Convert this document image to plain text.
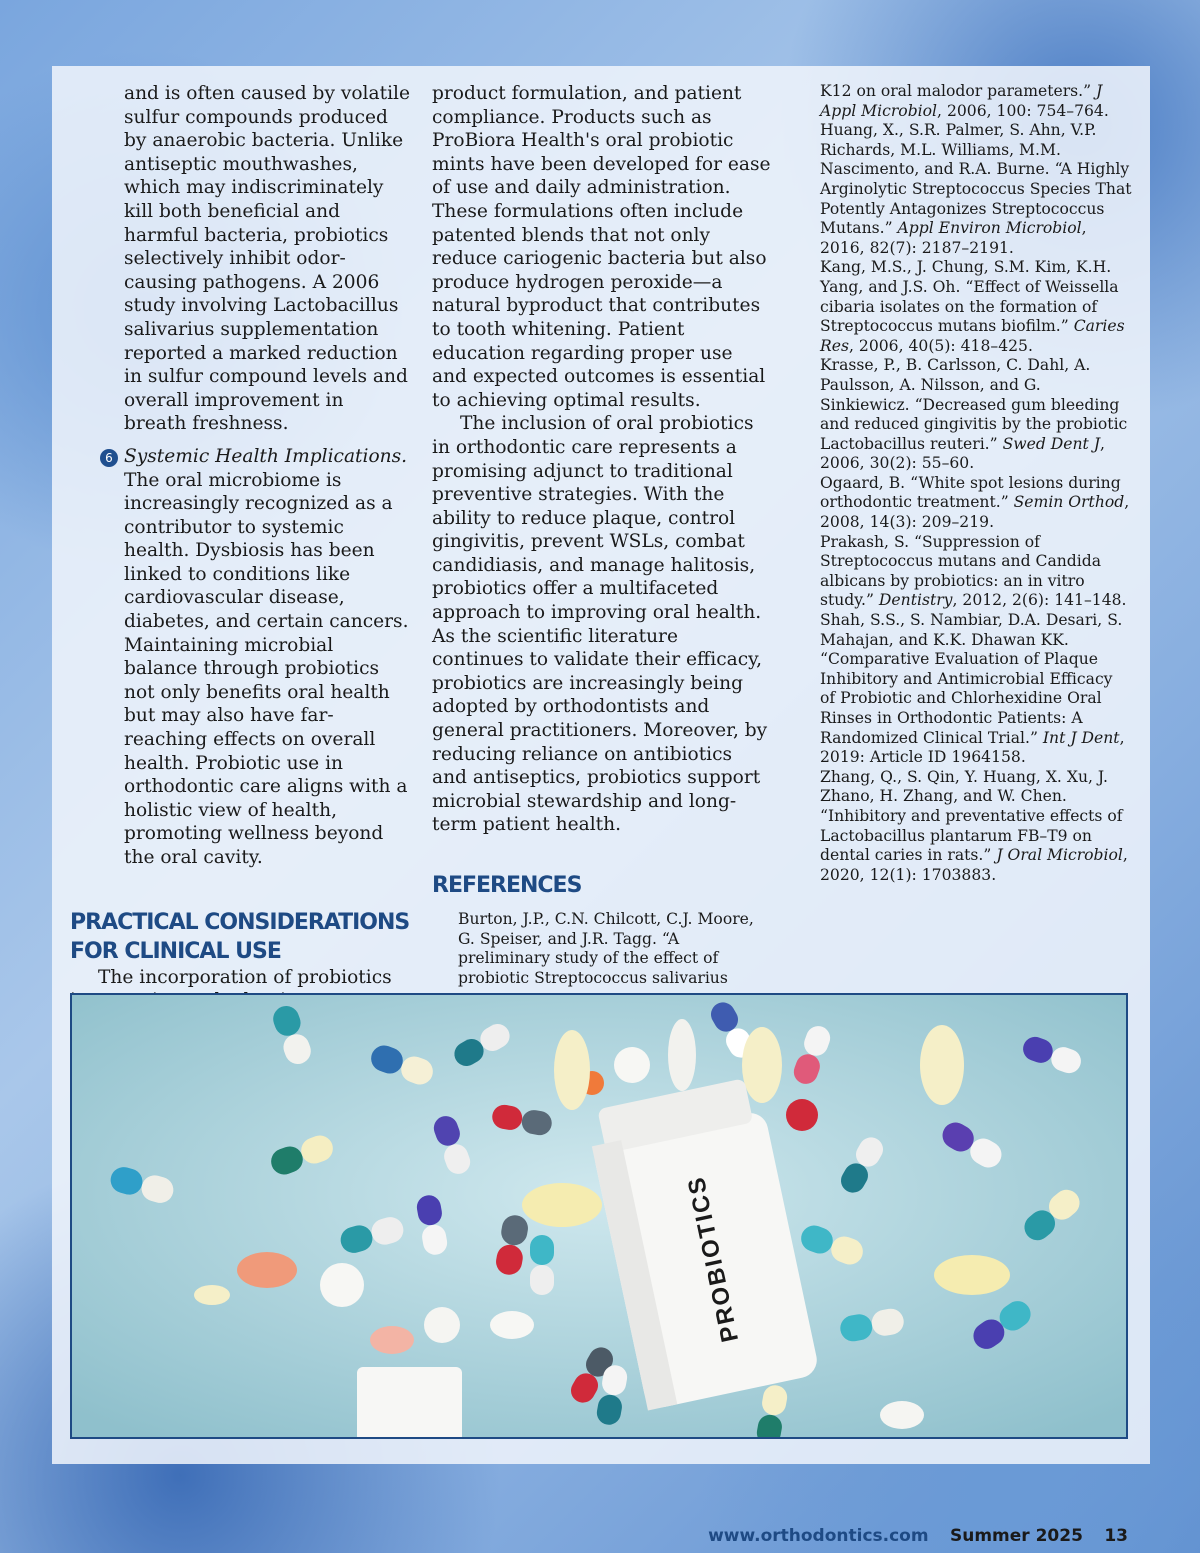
and is often caused by volatile sulfur compounds produced by anaerobic bacteria. Unlike antiseptic mouthwashes, which may indiscriminately kill both beneficial and harmful bacteria, probiotics selectively inhibit odor-causing pathogens. A 2006 study involving Lactobacillus salivarius supplementation reported a marked reduction in sulfur compound levels and overall improvement in breath freshness.

6 Systemic Health Implications. The oral microbiome is increasingly recognized as a contributor to systemic health. Dysbiosis has been linked to conditions like cardiovascular disease, diabetes, and certain cancers. Maintaining microbial balance through probiotics not only benefits oral health but may also have far-reaching effects on overall health. Probiotic use in orthodontic care aligns with a holistic view of health, promoting wellness beyond the oral cavity.

PRACTICAL CONSIDERATIONS

FOR CLINICAL USE

The incorporation of probiotics

product formulation, and patient compliance. Products such as ProBiora Health's oral probiotic mints have been developed for ease of use and daily administration. These formulations often include patented blends that not only reduce cariogenic bacteria but also produce hydrogen peroxide—a natural byproduct that contributes to tooth whitening. Patient education regarding proper use and expected outcomes is essential to achieving optimal results.

The inclusion of oral probiotics in orthodontic care represents a promising adjunct to traditional preventive strategies. With the ability to reduce plaque, control gingivitis, prevent WSLs, combat candidiasis, and manage halitosis, probiotics offer a multifaceted approach to improving oral health. As the scientific literature continues to validate their efficacy, probiotics are increasingly being adopted by orthodontists and general practitioners. Moreover, by reducing reliance on antibiotics and antiseptics, probiotics support microbial stewardship and long-term patient health.

REFERENCES

Burton, J.P., C.N. Chilcott, C.J. Moore, G. Speiser, and J.R. Tagg. “A preliminary study of the effect of probiotic Streptococcus salivarius

K12 on oral malodor parameters.” J Appl Microbiol, 2006, 100: 754–764.

Huang, X., S.R. Palmer, S. Ahn, V.P. Richards, M.L. Williams, M.M. Nascimento, and R.A. Burne. “A Highly Arginolytic Streptococcus Species That Potently Antagonizes Streptococcus Mutans.” Appl Environ Microbiol, 2016, 82(7): 2187–2191.

Kang, M.S., J. Chung, S.M. Kim, K.H. Yang, and J.S. Oh. “Effect of Weissella cibaria isolates on the formation of Streptococcus mutans biofilm.” Caries Res, 2006, 40(5): 418–425.

Krasse, P., B. Carlsson, C. Dahl, A. Paulsson, A. Nilsson, and G. Sinkiewicz. “Decreased gum bleeding and reduced gingivitis by the probiotic Lactobacillus reuteri.” Swed Dent J, 2006, 30(2): 55–60.

Ogaard, B. “White spot lesions during orthodontic treatment.” Semin Orthod, 2008, 14(3): 209–219.

Prakash, S. “Suppression of Streptococcus mutans and Candida albicans by probiotics: an in vitro study.” Dentistry, 2012, 2(6): 141–148.

Shah, S.S., S. Nambiar, D.A. Desari, S. Mahajan, and K.K. Dhawan KK. “Comparative Evaluation of Plaque Inhibitory and Antimicrobial Efficacy of Probiotic and Chlorhexidine Oral Rinses in Orthodontic Patients: A Randomized Clinical Trial.” Int J Dent, 2019: Article ID 1964158.

Zhang, Q., S. Qin, Y. Huang, X. Xu, J. Zhano, H. Zhang, and W. Chen. “Inhibitory and preventative effects of Lactobacillus plantarum FB–T9 on dental caries in rats.” J Oral Microbiol, 2020, 12(1): 1703883.

PROBIOTICS
www.orthodontics.com Summer 2025 13
